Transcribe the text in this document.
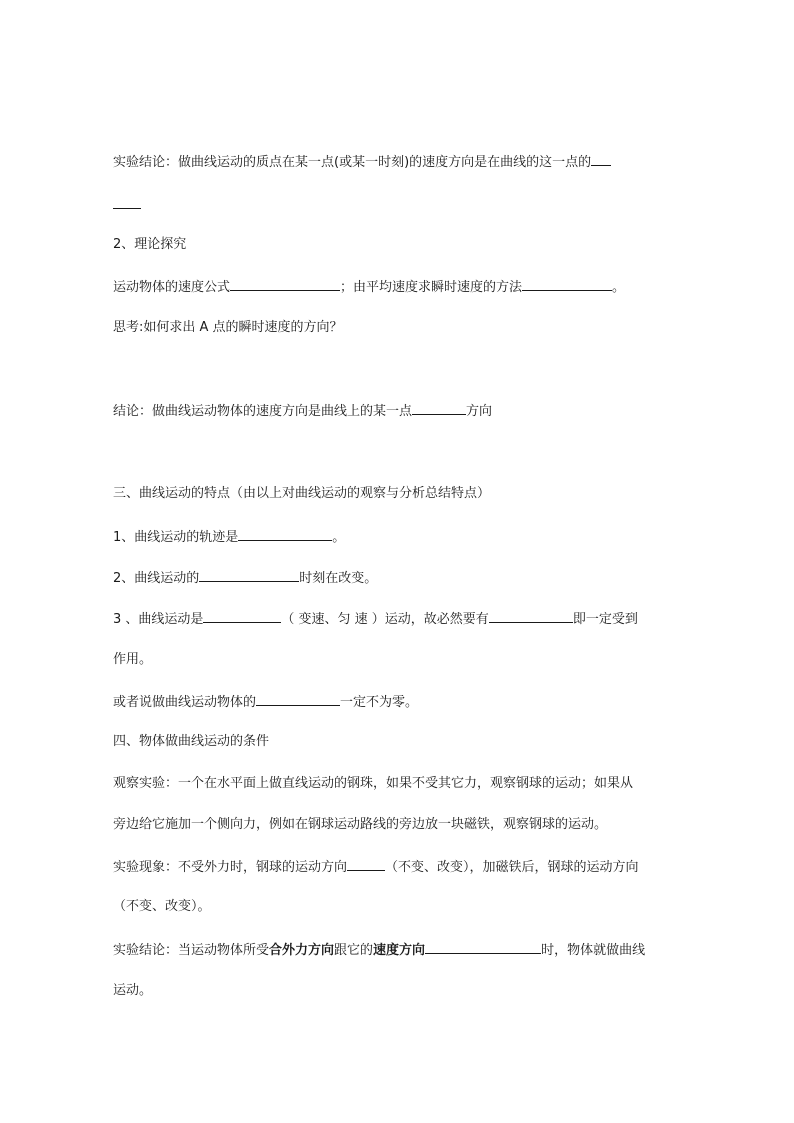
实验结论：做曲线运动的质点在某一点(或某一时刻)的速度方向是在曲线的这一点的
2、理论探究
运动物体的速度公式	；由平均速度求瞬时速度的方法	。
思考:如何求出 A 点的瞬时速度的方向？
结论：做曲线运动物体的速度方向是曲线上的某一点	方向
三、曲线运动的特点（由以上对曲线运动的观察与分析总结特点）
1、曲线运动的轨迹是	。
2、曲线运动的	时刻在改变。
3 、曲线运动是	（ 变速、匀 速 ）运动，故必然要有	即一定受到
作用。
或者说做曲线运动物体的	一定不为零。
四、物体做曲线运动的条件
观察实验：一个在水平面上做直线运动的钢珠，如果不受其它力，观察钢球的运动；如果从
旁边给它施加一个侧向力，例如在钢球运动路线的旁边放一块磁铁，观察钢球的运动。
实验现象：不受外力时，钢球的运动方向	（不变、改变），加磁铁后，钢球的运动方向
（不变、改变）。
实验结论：当运动物体所受合外力方向跟它的速度方向	时，物体就做曲线
运动。
